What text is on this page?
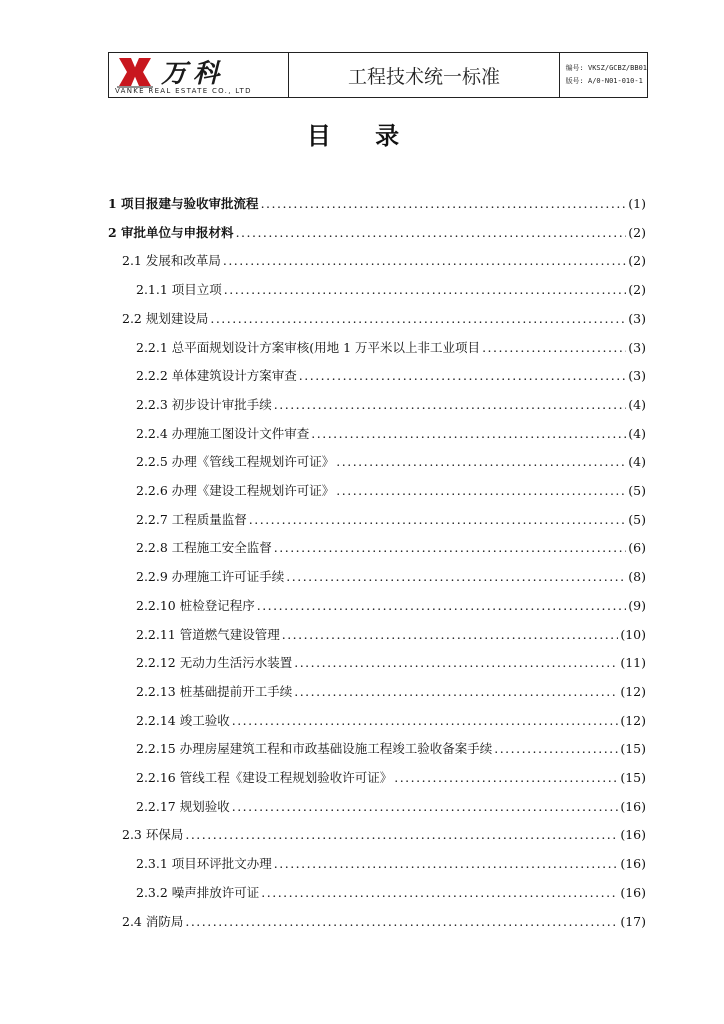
万科
VANKE REAL ESTATE CO., LTD
工程技术统一标准	编号: VKSZ/GCBZ/BB01
版号: A/0-N01-010-1
目 录
1 项目报建与验收审批流程 .....	(1)
2 审批单位与申报材料 .....	(2)
2.1 发展和改革局 .....	(2)
2.1.1 项目立项 .....	(2)
2.2 规划建设局 .....	(3)
2.2.1 总平面规划设计方案审核(用地 1 万平米以上非工业项目 .....	(3)
2.2.2 单体建筑设计方案审查 .....	(3)
2.2.3 初步设计审批手续 .....	(4)
2.2.4 办理施工图设计文件审查 .....	(4)
2.2.5 办理《管线工程规划许可证》 .....	(4)
2.2.6 办理《建设工程规划许可证》 .....	(5)
2.2.7 工程质量监督 .....	(5)
2.2.8 工程施工安全监督 .....	(6)
2.2.9 办理施工许可证手续 .....	(8)
2.2.10 桩检登记程序 .....	(9)
2.2.11 管道燃气建设管理 .....	(10)
2.2.12 无动力生活污水装置 .....	(11)
2.2.13 桩基础提前开工手续 .....	(12)
2.2.14 竣工验收 .....	(12)
2.2.15 办理房屋建筑工程和市政基础设施工程竣工验收备案手续 .....	(15)
2.2.16 管线工程《建设工程规划验收许可证》 .....	(15)
2.2.17 规划验收 .....	(16)
2.3 环保局 .....	(16)
2.3.1 项目环评批文办理 .....	(16)
2.3.2 噪声排放许可证 .....	(16)
2.4 消防局 .....	(17)
